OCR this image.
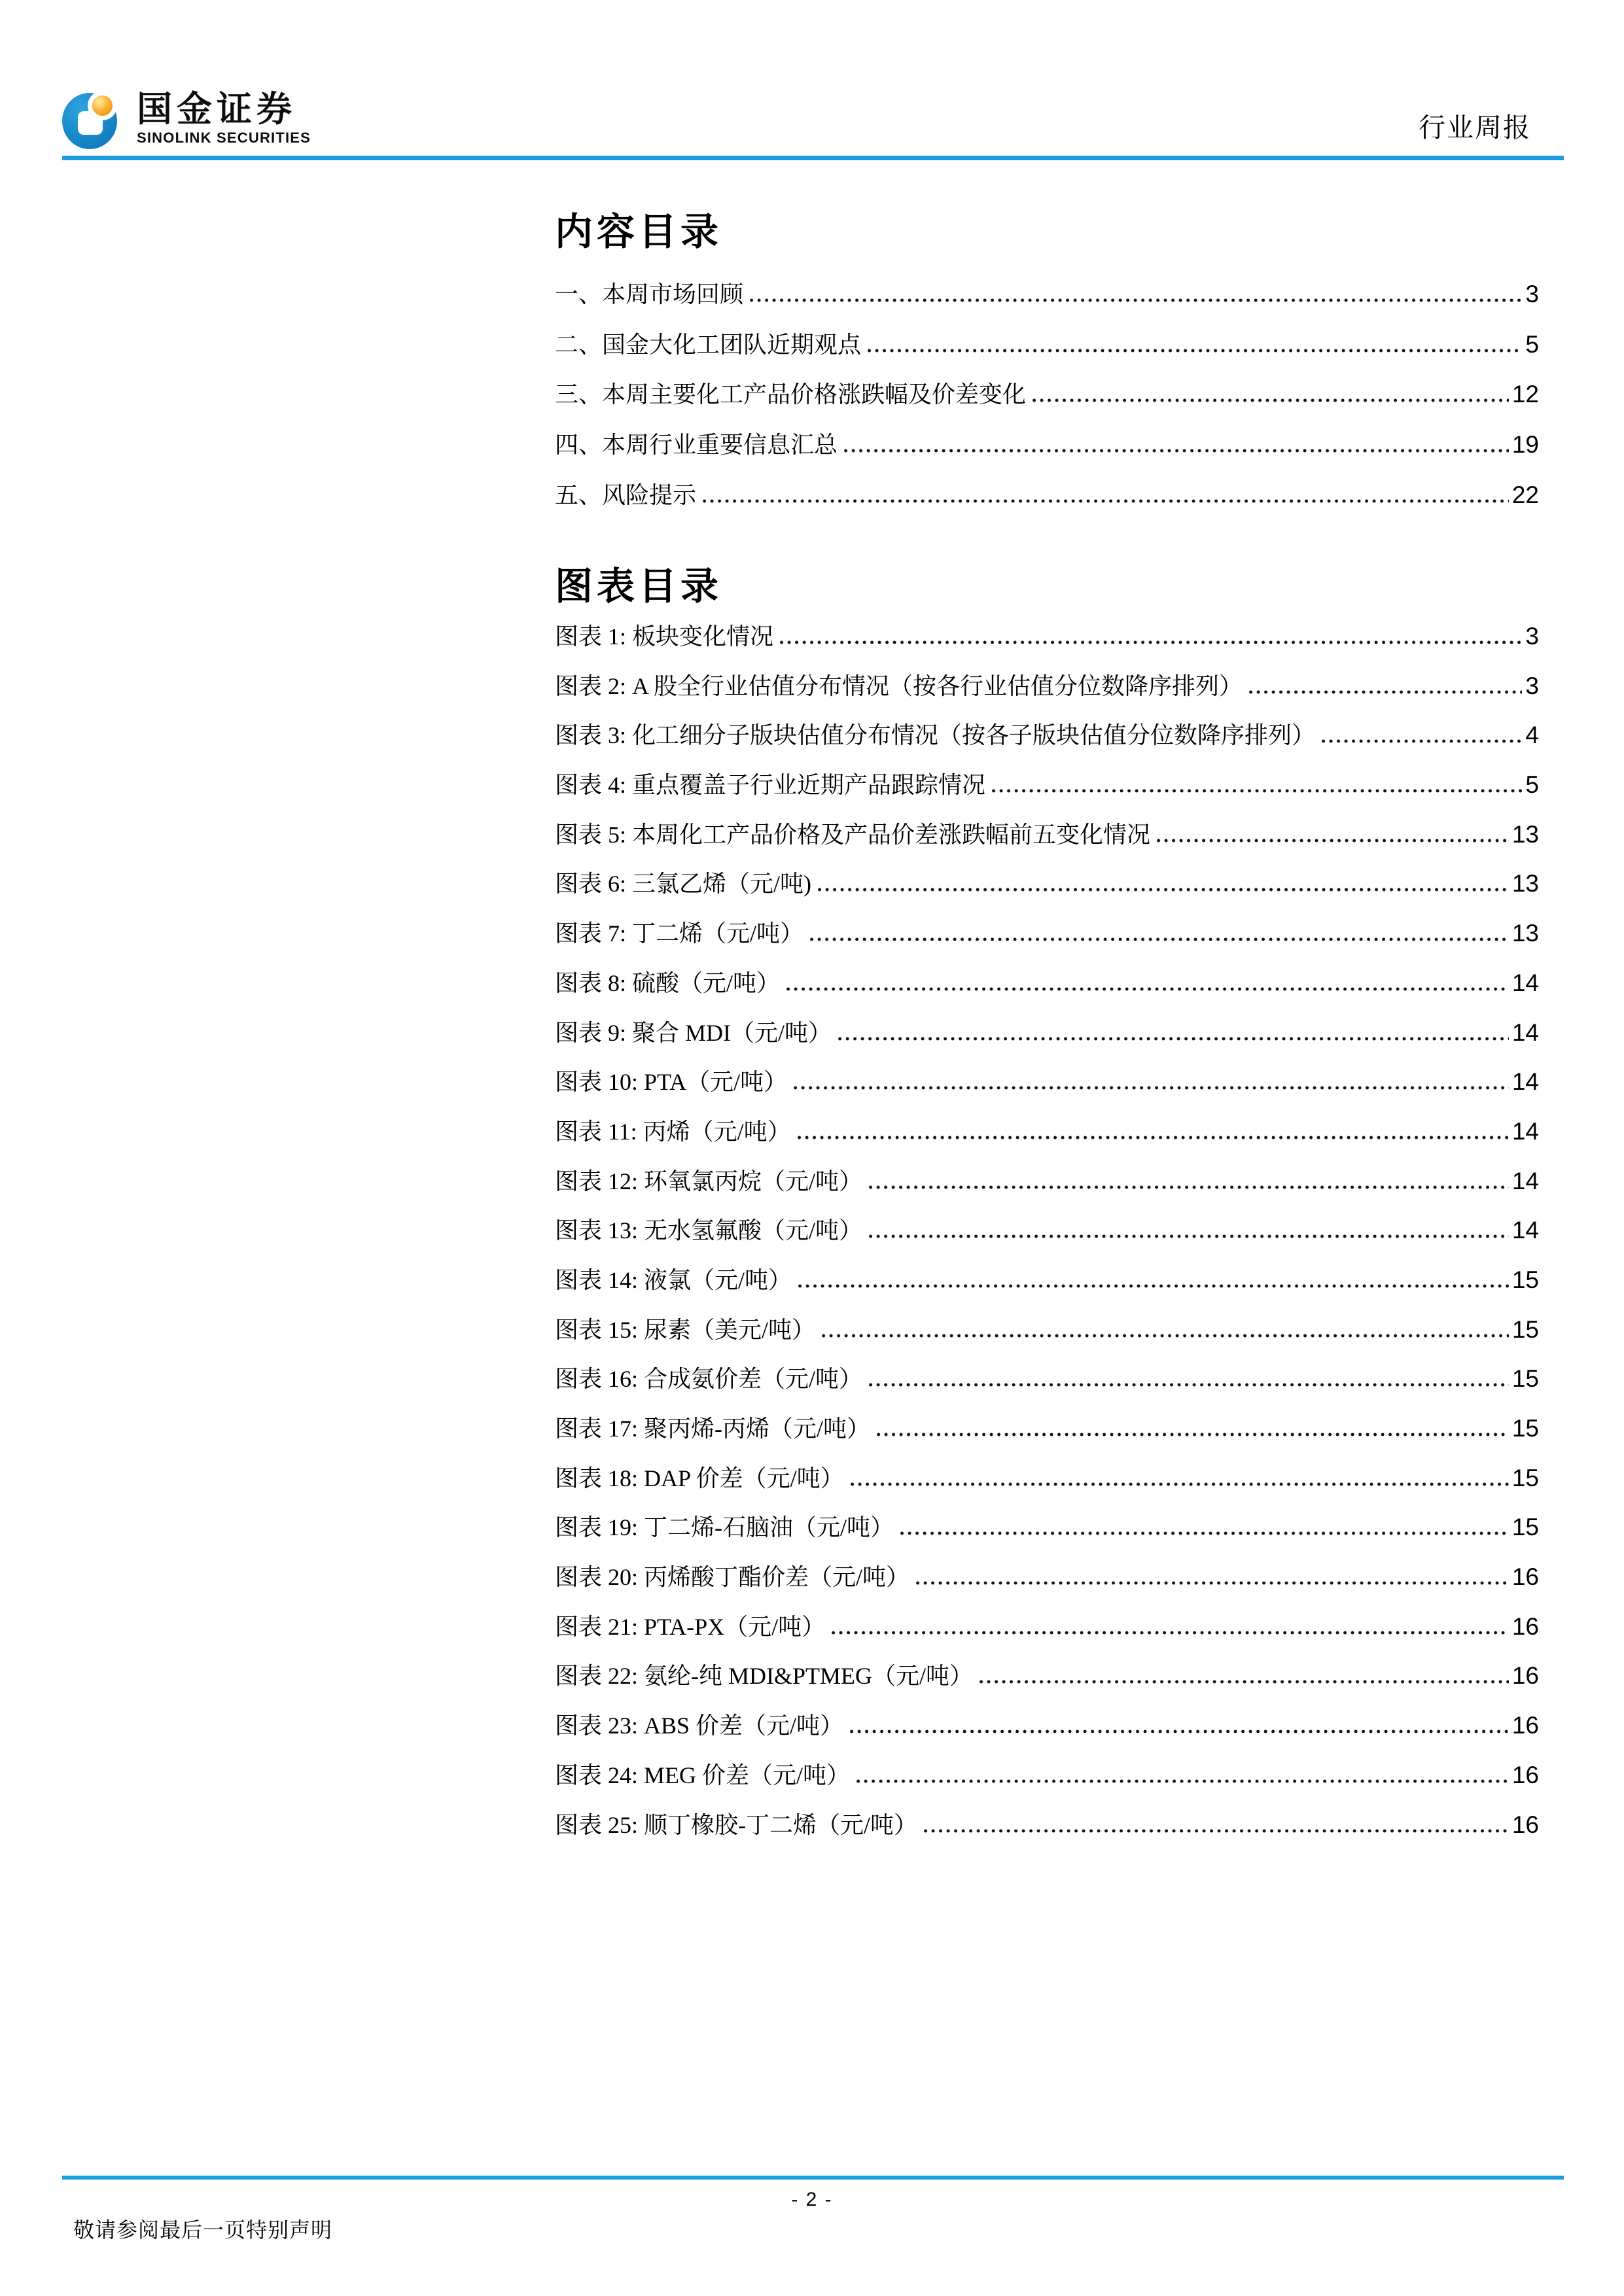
国金证券
SINOLINK SECURITIES	行业周报
内容目录
一、本周市场回顾	3
二、国金大化工团队近期观点	5
三、本周主要化工产品价格涨跌幅及价差变化	12
四、本周行业重要信息汇总	19
五、风险提示	22
图表目录
图表 1: 板块变化情况	3
图表 2: A 股全行业估值分布情况（按各行业估值分位数降序排列）	3
图表 3: 化工细分子版块估值分布情况（按各子版块估值分位数降序排列）	4
图表 4: 重点覆盖子行业近期产品跟踪情况	5
图表 5: 本周化工产品价格及产品价差涨跌幅前五变化情况	13
图表 6: 三氯乙烯（元/吨)	13
图表 7: 丁二烯（元/吨）	13
图表 8: 硫酸（元/吨）	14
图表 9: 聚合 MDI（元/吨）	14
图表 10: PTA（元/吨）	14
图表 11: 丙烯（元/吨）	14
图表 12: 环氧氯丙烷（元/吨）	14
图表 13: 无水氢氟酸（元/吨）	14
图表 14: 液氯（元/吨）	15
图表 15: 尿素（美元/吨）	15
图表 16: 合成氨价差（元/吨）	15
图表 17: 聚丙烯-丙烯（元/吨）	15
图表 18: DAP 价差（元/吨）	15
图表 19: 丁二烯-石脑油（元/吨）	15
图表 20: 丙烯酸丁酯价差（元/吨）	16
图表 21: PTA-PX（元/吨）	16
图表 22: 氨纶-纯 MDI&PTMEG（元/吨）	16
图表 23: ABS 价差（元/吨）	16
图表 24: MEG 价差（元/吨）	16
图表 25: 顺丁橡胶-丁二烯（元/吨）	16
- 2 -
敬请参阅最后一页特别声明
